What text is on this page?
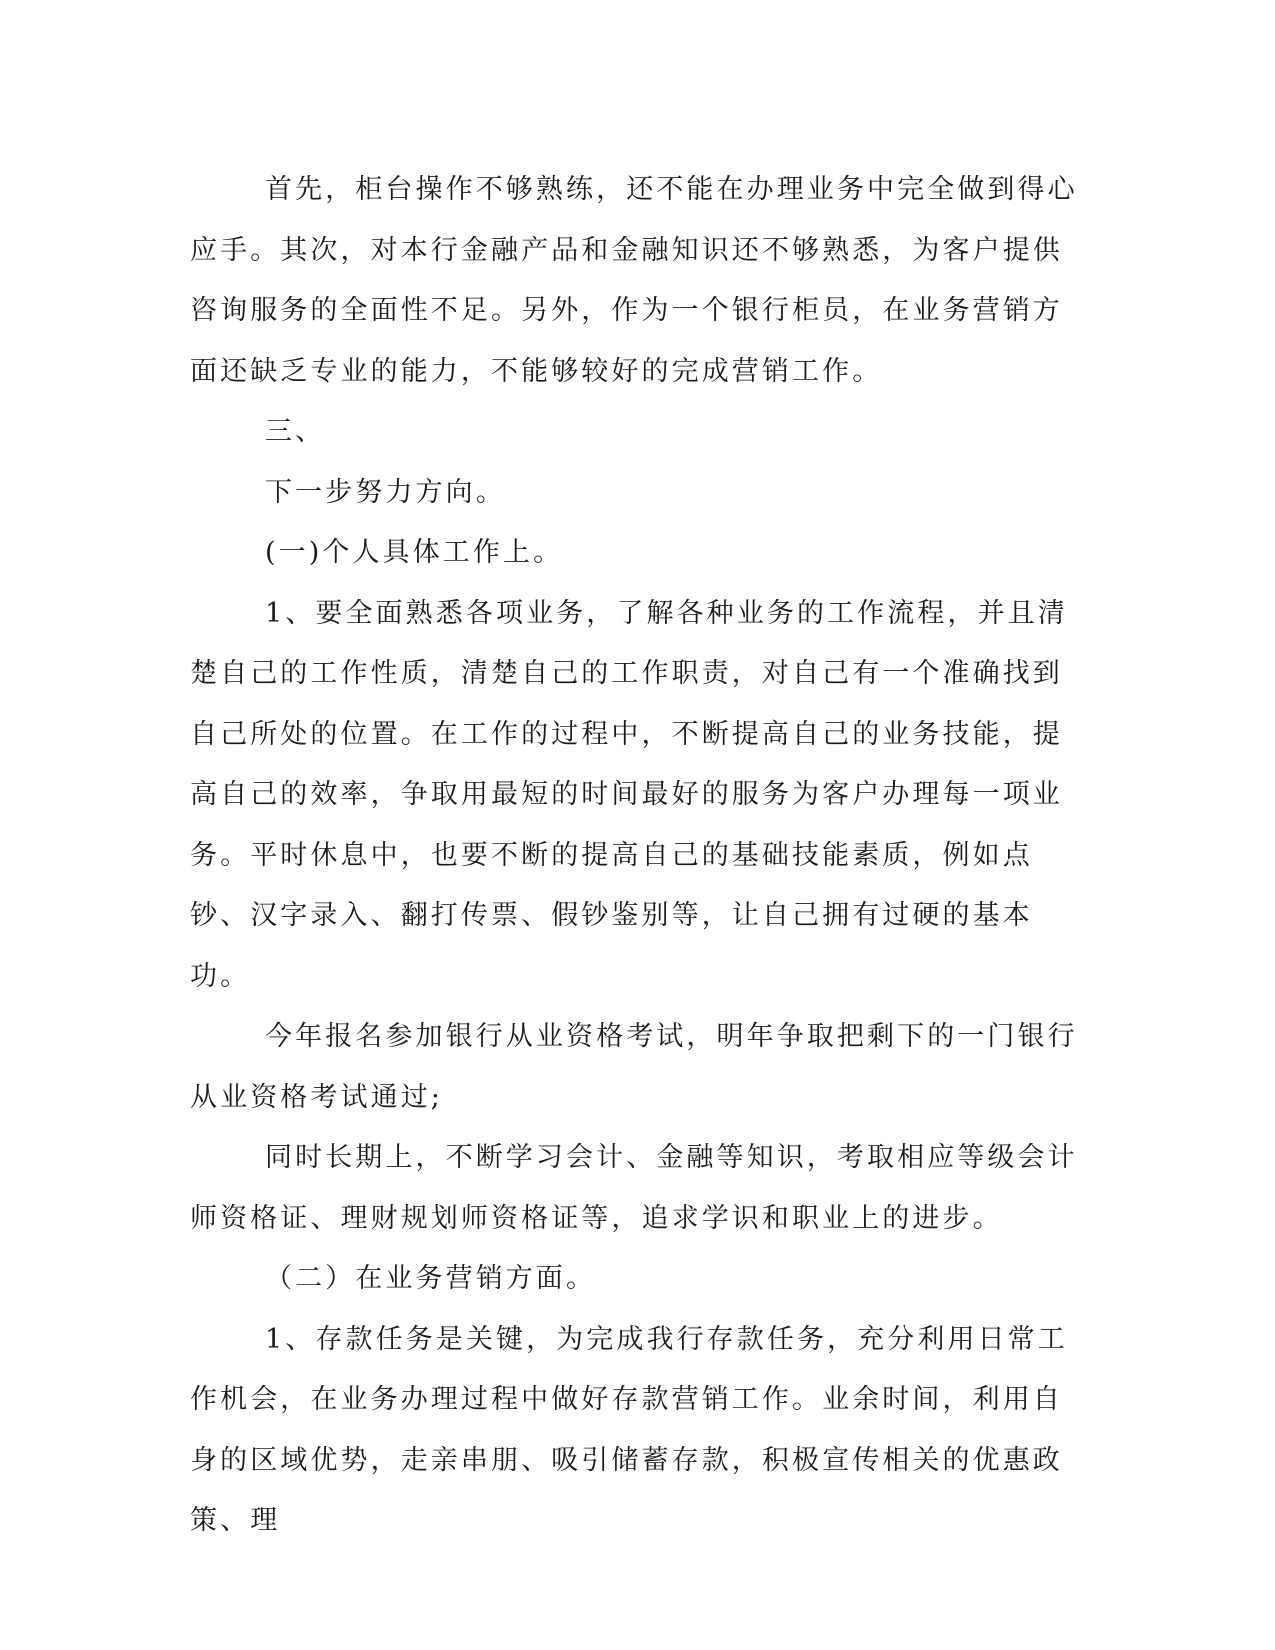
首先，柜台操作不够熟练，还不能在办理业务中完全做到得心应手。其次，对本行金融产品和金融知识还不够熟悉，为客户提供咨询服务的全面性不足。另外，作为一个银行柜员，在业务营销方面还缺乏专业的能力，不能够较好的完成营销工作。

三、

下一步努力方向。

(一)个人具体工作上。

1、要全面熟悉各项业务，了解各种业务的工作流程，并且清楚自己的工作性质，清楚自己的工作职责，对自己有一个准确找到自己所处的位置。在工作的过程中，不断提高自己的业务技能，提高自己的效率，争取用最短的时间最好的服务为客户办理每一项业务。平时休息中，也要不断的提高自己的基础技能素质，例如点钞、汉字录入、翻打传票、假钞鉴别等，让自己拥有过硬的基本功。

今年报名参加银行从业资格考试，明年争取把剩下的一门银行从业资格考试通过;

同时长期上，不断学习会计、金融等知识，考取相应等级会计师资格证、理财规划师资格证等，追求学识和职业上的进步。

（二）在业务营销方面。

1、存款任务是关键，为完成我行存款任务，充分利用日常工作机会，在业务办理过程中做好存款营销工作。业余时间，利用自身的区域优势，走亲串朋、吸引储蓄存款，积极宣传相关的优惠政策、理
